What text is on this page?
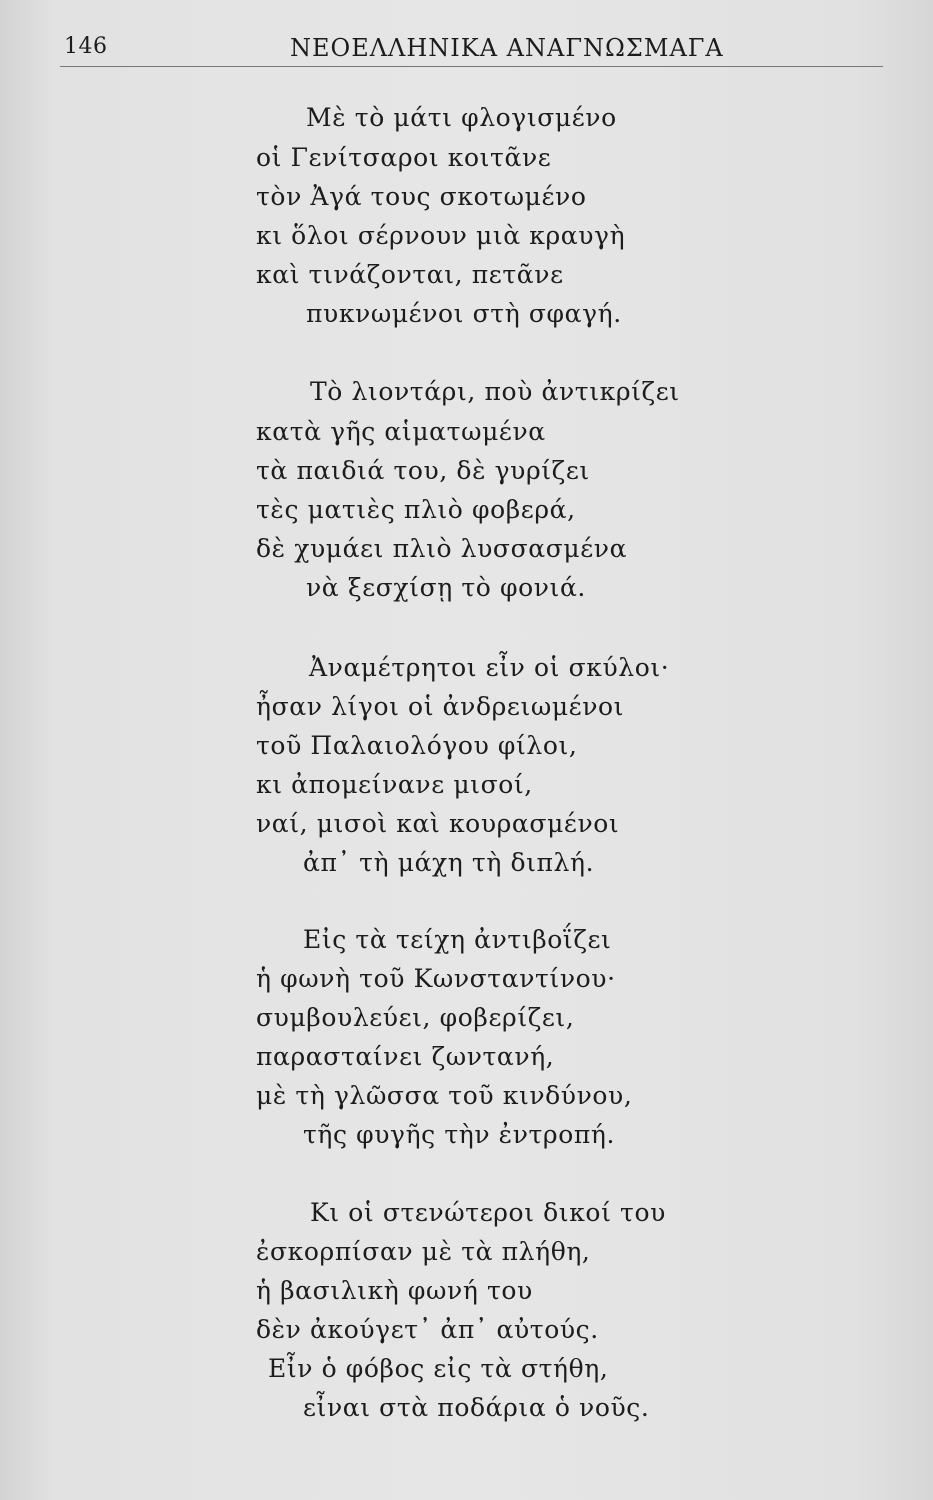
146	ΝΕΟΕΛΛΗΝΙΚΑ ΑΝΑΓΝΩΣΜΑΓΑ
Μὲ τὸ μάτι φλογισμένο
οἱ Γενίτσαροι κοιτᾶνε
τὸν Ἀγά τους σκοτωμένο
κι ὅλοι σέρνουν μιὰ κραυγὴ
καὶ τινάζονται, πετᾶνε
πυκνωμένοι στὴ σφαγή.
Τὸ λιοντάρι, ποὺ ἀντικρίζει
κατὰ γῆς αἱματωμένα
τὰ παιδιά του, δὲ γυρίζει
τὲς ματιὲς πλιὸ φοβερά,
δὲ χυμάει πλιὸ λυσσασμένα
νὰ ξεσχίσῃ τὸ φονιά.
Ἀναμέτρητοι εἶν οἱ σκύλοι·
ἦσαν λίγοι οἱ ἀνδρειωμένοι
τοῦ Παλαιολόγου φίλοι,
κι ἀπομείνανε μισοί,
ναί, μισοὶ καὶ κουρασμένοι
ἀπ᾽ τὴ μάχη τὴ διπλή.
Εἰς τὰ τείχη ἀντιβοΐζει
ἡ φωνὴ τοῦ Κωνσταντίνου·
συμβουλεύει, φοβερίζει,
παρασταίνει ζωντανή,
μὲ τὴ γλῶσσα τοῦ κινδύνου,
τῆς φυγῆς τὴν ἐντροπή.
Κι οἱ στενώτεροι δικοί του
ἐσκορπίσαν μὲ τὰ πλήθη,
ἡ βασιλικὴ φωνή του
δὲν ἀκούγετ᾽ ἀπ᾽ αὐτούς.
Εἶν ὁ φόβος εἰς τὰ στήθη,
εἶναι στὰ ποδάρια ὁ νοῦς.
